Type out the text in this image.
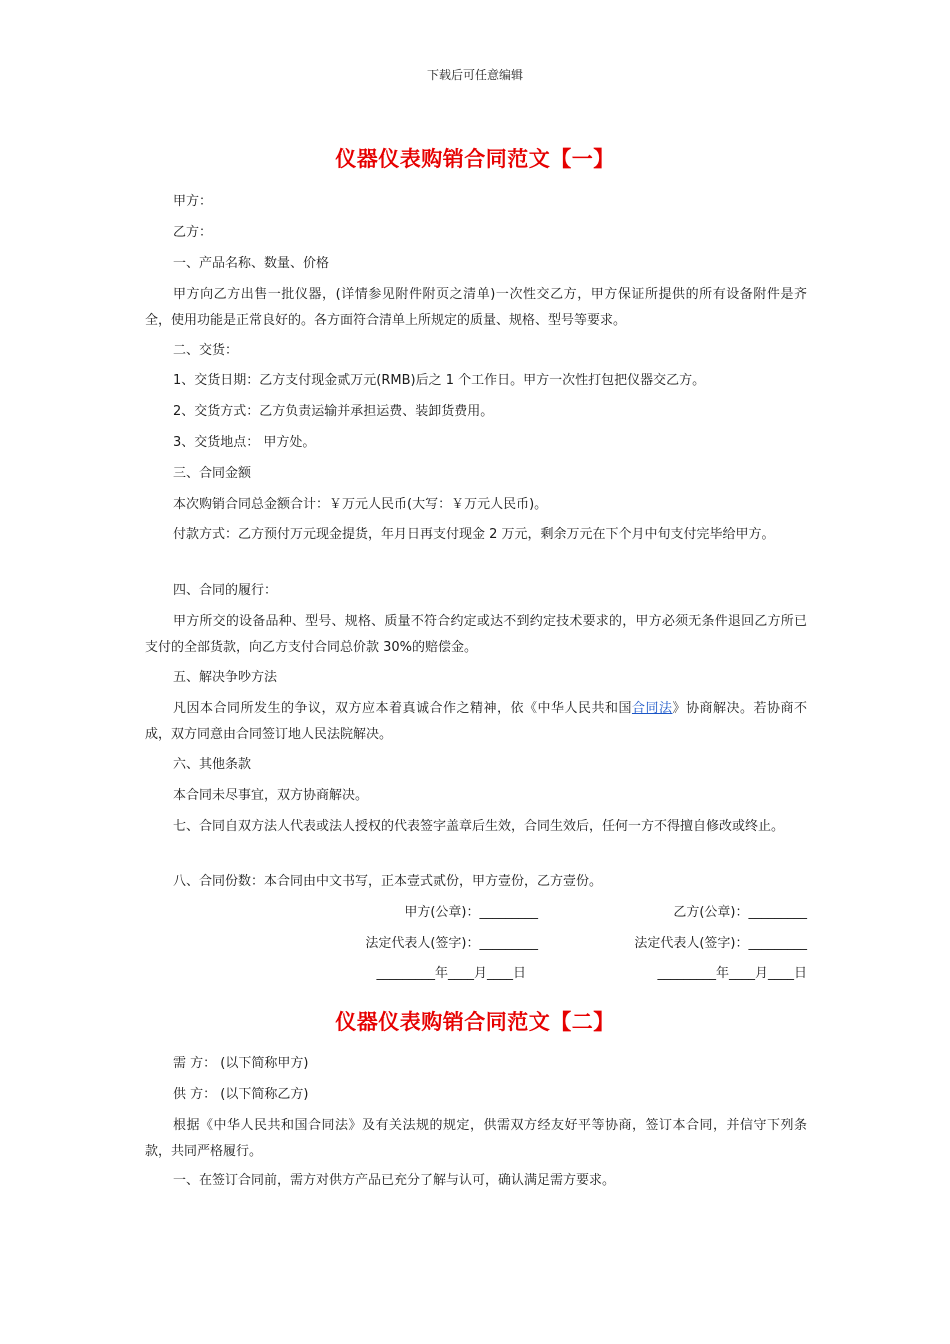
下载后可任意编辑
仪器仪表购销合同范文【一】
甲方：
乙方：
一、产品名称、数量、价格
甲方向乙方出售一批仪器，(详情参见附件附页之清单)一次性交乙方，甲方保证所提供的所有设备附件是齐全，使用功能是正常良好的。各方面符合清单上所规定的质量、规格、型号等要求。
二、交货：
1、交货日期：乙方支付现金贰万元(RMB)后之 1 个工作日。甲方一次性打包把仪器交乙方。
2、交货方式：乙方负责运输并承担运费、装卸货费用。
3、交货地点： 甲方处。
三、合同金额
本次购销合同总金额合计：￥万元人民币(大写：￥万元人民币)。
付款方式：乙方预付万元现金提货，年月日再支付现金 2 万元，剩余万元在下个月中旬支付完毕给甲方。
四、合同的履行：
甲方所交的设备品种、型号、规格、质量不符合约定或达不到约定技术要求的，甲方必须无条件退回乙方所已支付的全部货款，向乙方支付合同总价款 30%的赔偿金。
五、解决争吵方法
凡因本合同所发生的争议，双方应本着真诚合作之精神，依《中华人民共和国合同法》协商解决。若协商不成，双方同意由合同签订地人民法院解决。
六、其他条款
本合同未尽事宜，双方协商解决。
七、合同自双方法人代表或法人授权的代表签字盖章后生效，合同生效后，任何一方不得擅自修改或终止。
八、合同份数：本合同由中文书写，正本壹式贰份，甲方壹份，乙方壹份。
甲方(公章)：_________	乙方(公章)：_________
法定代表人(签字)：_________	法定代表人(签字)：_________
_________年____月____日	_________年____月____日
仪器仪表购销合同范文【二】
需 方： (以下简称甲方)
供 方： (以下简称乙方)
根据《中华人民共和国合同法》及有关法规的规定，供需双方经友好平等协商，签订本合同，并信守下列条款，共同严格履行。
一、在签订合同前，需方对供方产品已充分了解与认可，确认满足需方要求。
